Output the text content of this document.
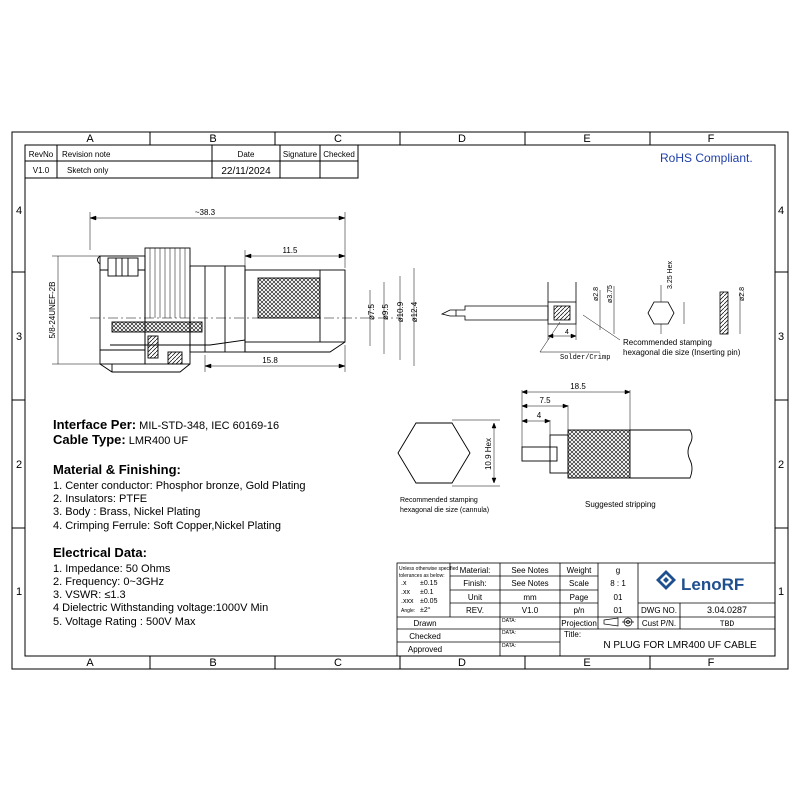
A	B	C	D	E	F
A	B	C	D	E	F
4
3
2
1
4
3
2
1
RevNo Revision note	Date	Signature Checked
V1.0 Sketch only	22/11/2024
RoHS Compliant.
~38.3
11.5
15.8
5/8-24UNEF-2B	ø7.5 ø9.5 ø10.9 ø12.4
ø2.8 ø3.75
4
Solder/Crimp
3.25 Hex
ø2.8
Recommended stamping
hexagonal die size (Inserting pin)
10.9 Hex
Recommended stamping
hexagonal die size (cannula)
18.5
7.5
4
Suggested stripping
Interface Per: MIL-STD-348, IEC 60169-16
Cable Type: LMR400 UF
Material & Finishing:
1. Center conductor: Phosphor bronze, Gold Plating
2. Insulators: PTFE
3. Body : Brass, Nickel Plating
4. Crimping Ferrule: Soft Copper,Nickel Plating
Electrical Data:
1. Impedance: 50 Ohms
2. Frequency: 0~3GHz
3. VSWR: ≤1.3
4 Dielectric Withstanding voltage:1000V Min
5. Voltage Rating : 500V Max
Unless otherwise specified
tolerances as below:
.x ±0.15
.xx ±0.1
.xxx ±0.05
Angle: ±2°
Material:	See Notes
Finish:	See Notes
Unit	mm
REV.	V1.0
Weight	g
Scale	8 : 1
Page	01
p/n	01
Projection
DWG NO.	3.04.0287
Cust P/N.	TBD
Drawn
Checked
Approved
DATA:
DATA:
DATA:
Title:
N PLUG FOR LMR400 UF CABLE
LenoRF
